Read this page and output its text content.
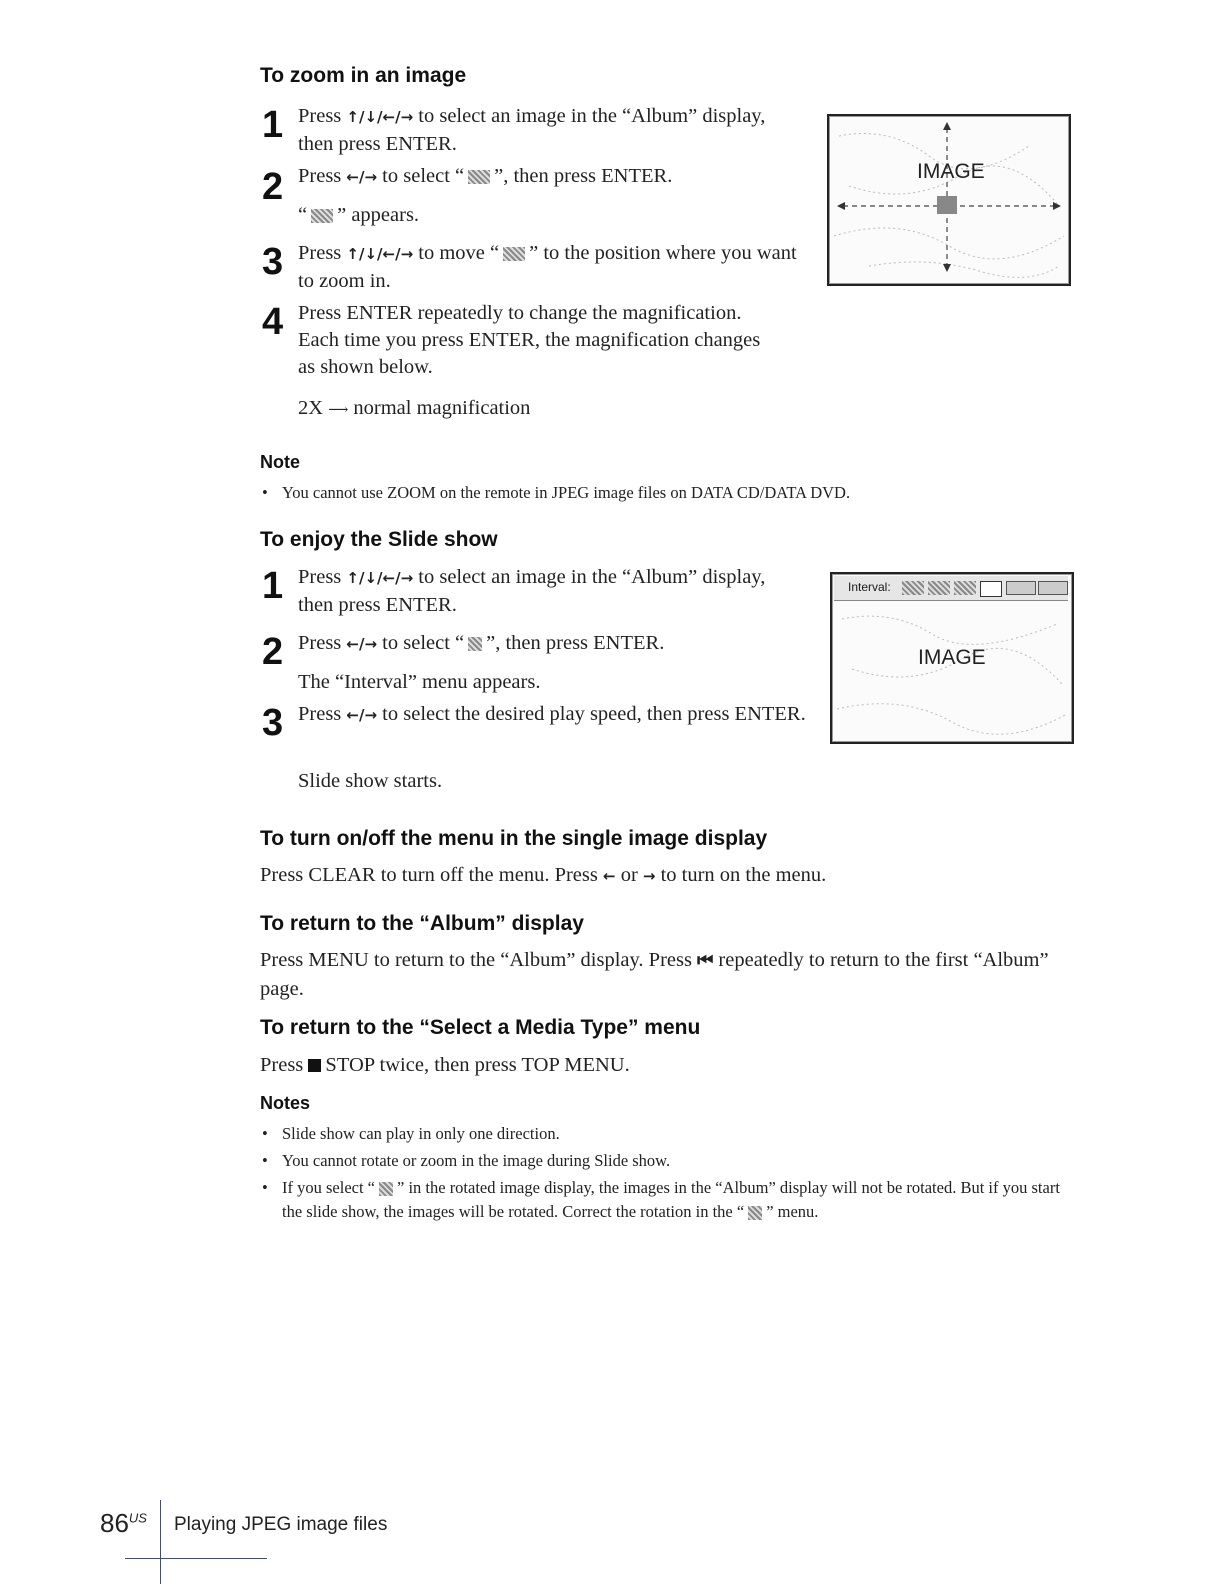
To zoom in an image
1 Press ↑/↓/←/→ to select an image in the “Album” display, then press ENTER.
2 Press ←/→ to select “ ”, then press ENTER.
“ ” appears.
3 Press ↑/↓/←/→ to move “ ” to the position where you want to zoom in.
4 Press ENTER repeatedly to change the magnification. Each time you press ENTER, the magnification changes as shown below.
2X ⟶ normal magnification
IMAGE
Note
• You cannot use ZOOM on the remote in JPEG image files on DATA CD/DATA DVD.
To enjoy the Slide show
1 Press ↑/↓/←/→ to select an image in the “Album” display, then press ENTER.
2 Press ←/→ to select “ ”, then press ENTER.
The “Interval” menu appears.
3 Press ←/→ to select the desired play speed, then press ENTER.
Slide show starts.
Interval:
IMAGE
To turn on/off the menu in the single image display
Press CLEAR to turn off the menu. Press ← or → to turn on the menu.
To return to the “Album” display
Press MENU to return to the “Album” display. Press ⏮ repeatedly to return to the first “Album” page.
To return to the “Select a Media Type” menu
Press STOP twice, then press TOP MENU.
Notes
• Slide show can play in only one direction.
• You cannot rotate or zoom in the image during Slide show.
• If you select “ ” in the rotated image display, the images in the “Album” display will not be rotated. But if you start the slide show, the images will be rotated. Correct the rotation in the “ ” menu.
$86^{US}$ Playing JPEG image files
